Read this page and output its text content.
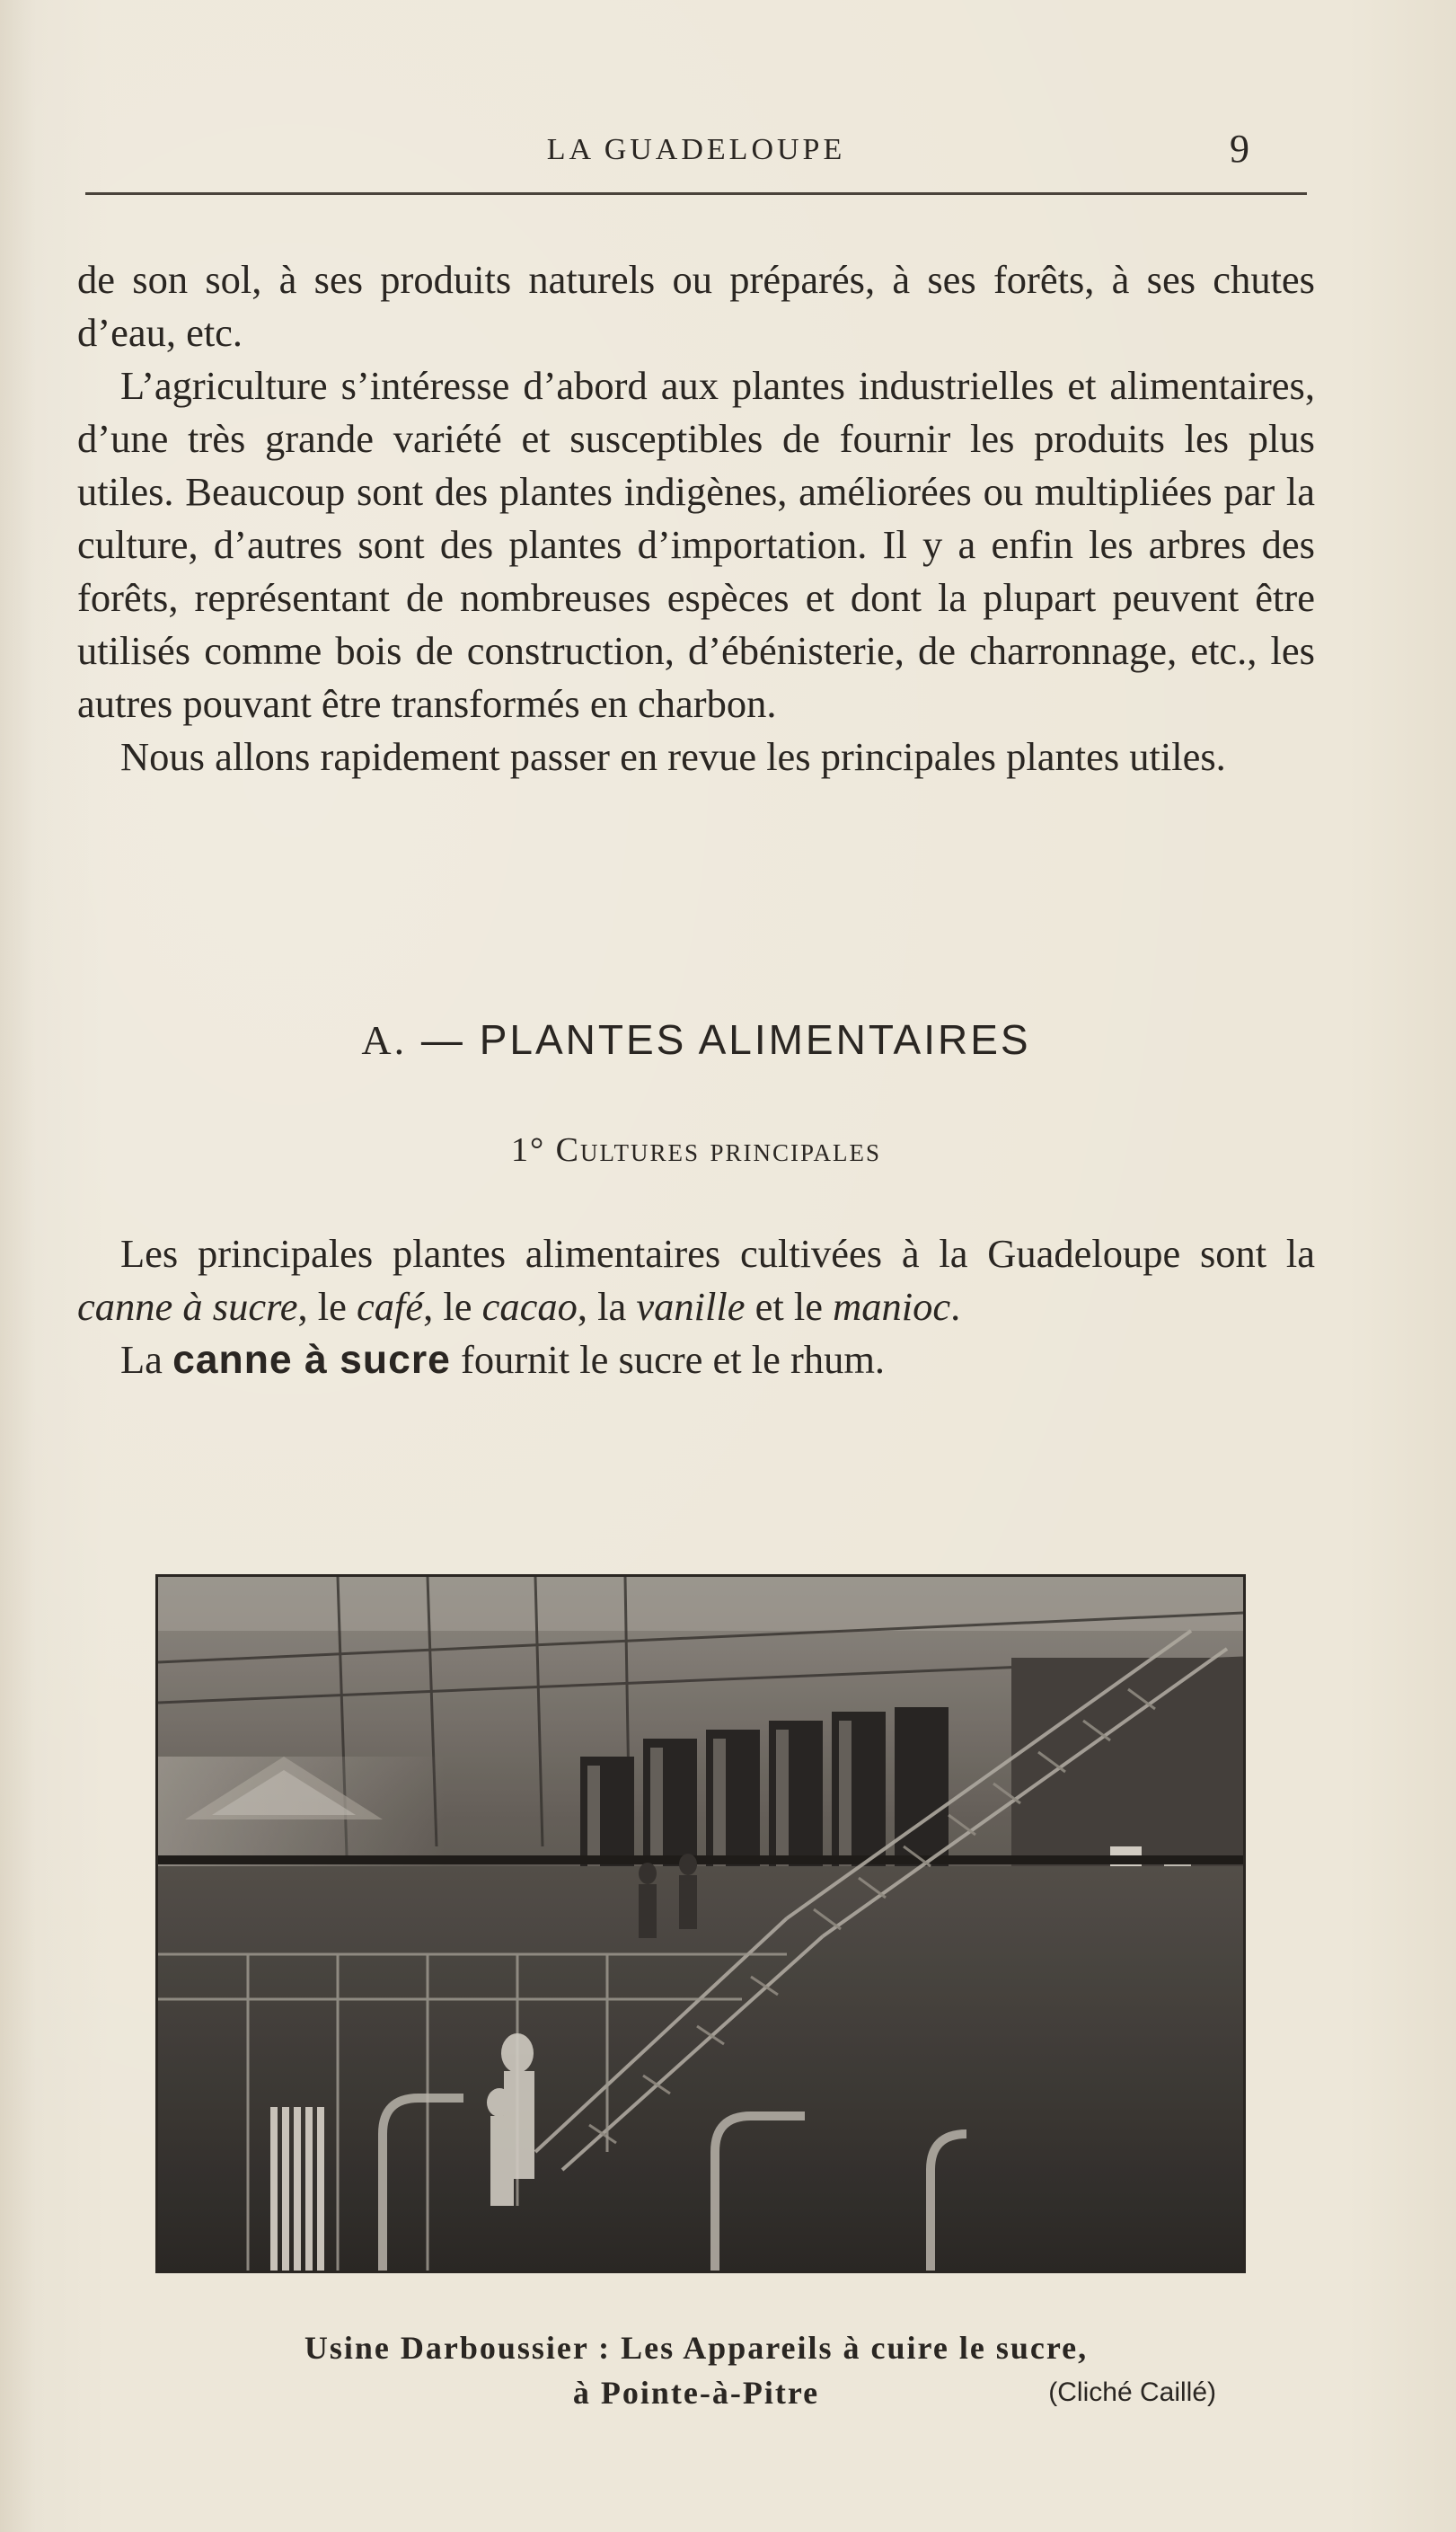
LA GUADELOUPE	9

de son sol, à ses produits naturels ou préparés, à ses forêts, à ses chutes d’eau, etc.

L’agriculture s’intéresse d’abord aux plantes industrielles et alimentaires, d’une très grande variété et susceptibles de fournir les produits les plus utiles. Beaucoup sont des plantes indigènes, améliorées ou multipliées par la culture, d’autres sont des plantes d’importation. Il y a enfin les arbres des forêts, représentant de nombreuses espèces et dont la plupart peuvent être utilisés comme bois de construction, d’ébénisterie, de charronnage, etc., les autres pouvant être transformés en charbon.

Nous allons rapidement passer en revue les principales plantes utiles.

A. — PLANTES ALIMENTAIRES
1° Cultures principales

Les principales plantes alimentaires cultivées à la Guadeloupe sont la canne à sucre, le café, le cacao, la vanille et le manioc.

La canne à sucre fournit le sucre et le rhum.

Usine Darboussier : Les Appareils à cuire le sucre,
à Pointe-à-Pitre	(Cliché Caillé)
